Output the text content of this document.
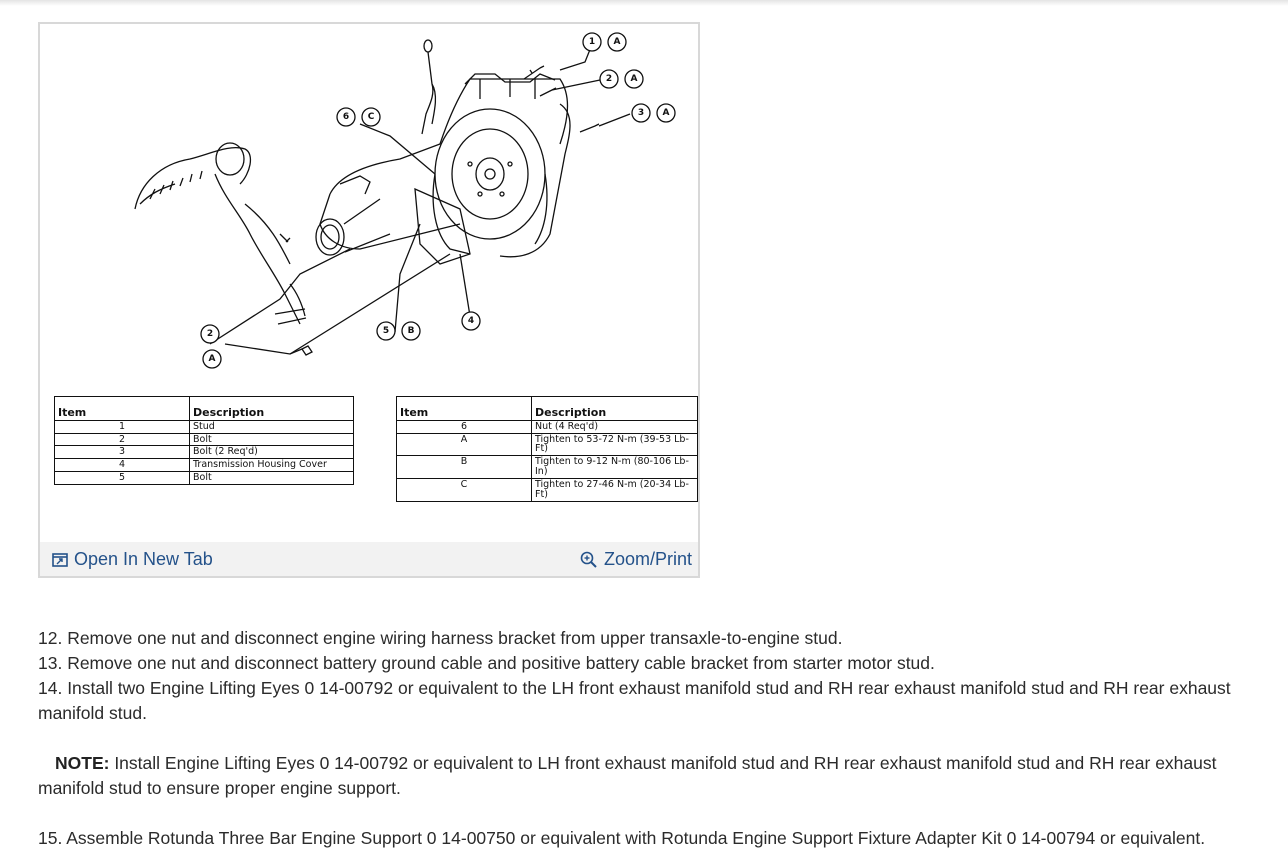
1 A
2 A
3 A
6 C
2
A
5 B
4
Item	Description
1	Stud
2	Bolt
3	Bolt (2 Req'd)
4	Transmission Housing Cover
5	Bolt
Item	Description
6	Nut (4 Req'd)
A	Tighten to 53-72 N-m (39-53 Lb-Ft)
B	Tighten to 9-12 N-m (80-106 Lb-In)
C	Tighten to 27-46 N-m (20-34 Lb-Ft)
Open In New Tab	Zoom/Print

12. Remove one nut and disconnect engine wiring harness bracket from upper transaxle-to-engine stud.

13. Remove one nut and disconnect battery ground cable and positive battery cable bracket from starter motor stud.

14. Install two Engine Lifting Eyes 0 14-00792 or equivalent to the LH front exhaust manifold stud and RH rear exhaust manifold stud and RH rear exhaust manifold stud.

NOTE: Install Engine Lifting Eyes 0 14-00792 or equivalent to LH front exhaust manifold stud and RH rear exhaust manifold stud and RH rear exhaust manifold stud to ensure proper engine support.

15. Assemble Rotunda Three Bar Engine Support 0 14-00750 or equivalent with Rotunda Engine Support Fixture Adapter Kit 0 14-00794 or equivalent.
